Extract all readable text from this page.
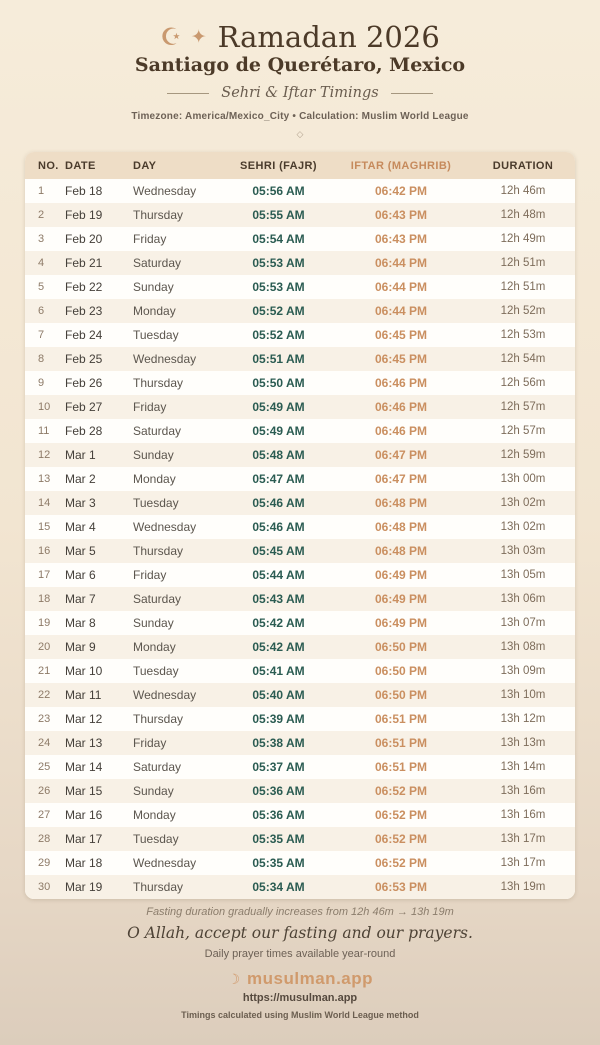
☪ ✦ Ramadan 2026
Santiago de Querétaro, Mexico
Sehri & Iftar Timings
Timezone: America/Mexico_City • Calculation: Muslim World League
◇
NO.	DATE	DAY	SEHRI (FAJR)	IFTAR (MAGHRIB)	DURATION
1	Feb 18	Wednesday	05:56 AM	06:42 PM	12h 46m
2	Feb 19	Thursday	05:55 AM	06:43 PM	12h 48m
3	Feb 20	Friday	05:54 AM	06:43 PM	12h 49m
4	Feb 21	Saturday	05:53 AM	06:44 PM	12h 51m
5	Feb 22	Sunday	05:53 AM	06:44 PM	12h 51m
6	Feb 23	Monday	05:52 AM	06:44 PM	12h 52m
7	Feb 24	Tuesday	05:52 AM	06:45 PM	12h 53m
8	Feb 25	Wednesday	05:51 AM	06:45 PM	12h 54m
9	Feb 26	Thursday	05:50 AM	06:46 PM	12h 56m
10	Feb 27	Friday	05:49 AM	06:46 PM	12h 57m
11	Feb 28	Saturday	05:49 AM	06:46 PM	12h 57m
12	Mar 1	Sunday	05:48 AM	06:47 PM	12h 59m
13	Mar 2	Monday	05:47 AM	06:47 PM	13h 00m
14	Mar 3	Tuesday	05:46 AM	06:48 PM	13h 02m
15	Mar 4	Wednesday	05:46 AM	06:48 PM	13h 02m
16	Mar 5	Thursday	05:45 AM	06:48 PM	13h 03m
17	Mar 6	Friday	05:44 AM	06:49 PM	13h 05m
18	Mar 7	Saturday	05:43 AM	06:49 PM	13h 06m
19	Mar 8	Sunday	05:42 AM	06:49 PM	13h 07m
20	Mar 9	Monday	05:42 AM	06:50 PM	13h 08m
21	Mar 10	Tuesday	05:41 AM	06:50 PM	13h 09m
22	Mar 11	Wednesday	05:40 AM	06:50 PM	13h 10m
23	Mar 12	Thursday	05:39 AM	06:51 PM	13h 12m
24	Mar 13	Friday	05:38 AM	06:51 PM	13h 13m
25	Mar 14	Saturday	05:37 AM	06:51 PM	13h 14m
26	Mar 15	Sunday	05:36 AM	06:52 PM	13h 16m
27	Mar 16	Monday	05:36 AM	06:52 PM	13h 16m
28	Mar 17	Tuesday	05:35 AM	06:52 PM	13h 17m
29	Mar 18	Wednesday	05:35 AM	06:52 PM	13h 17m
30	Mar 19	Thursday	05:34 AM	06:53 PM	13h 19m
Fasting duration gradually increases from 12h 46m → 13h 19m
O Allah, accept our fasting and our prayers.
Daily prayer times available year-round
☾ musulman.app
https://musulman.app
Timings calculated using Muslim World League method
